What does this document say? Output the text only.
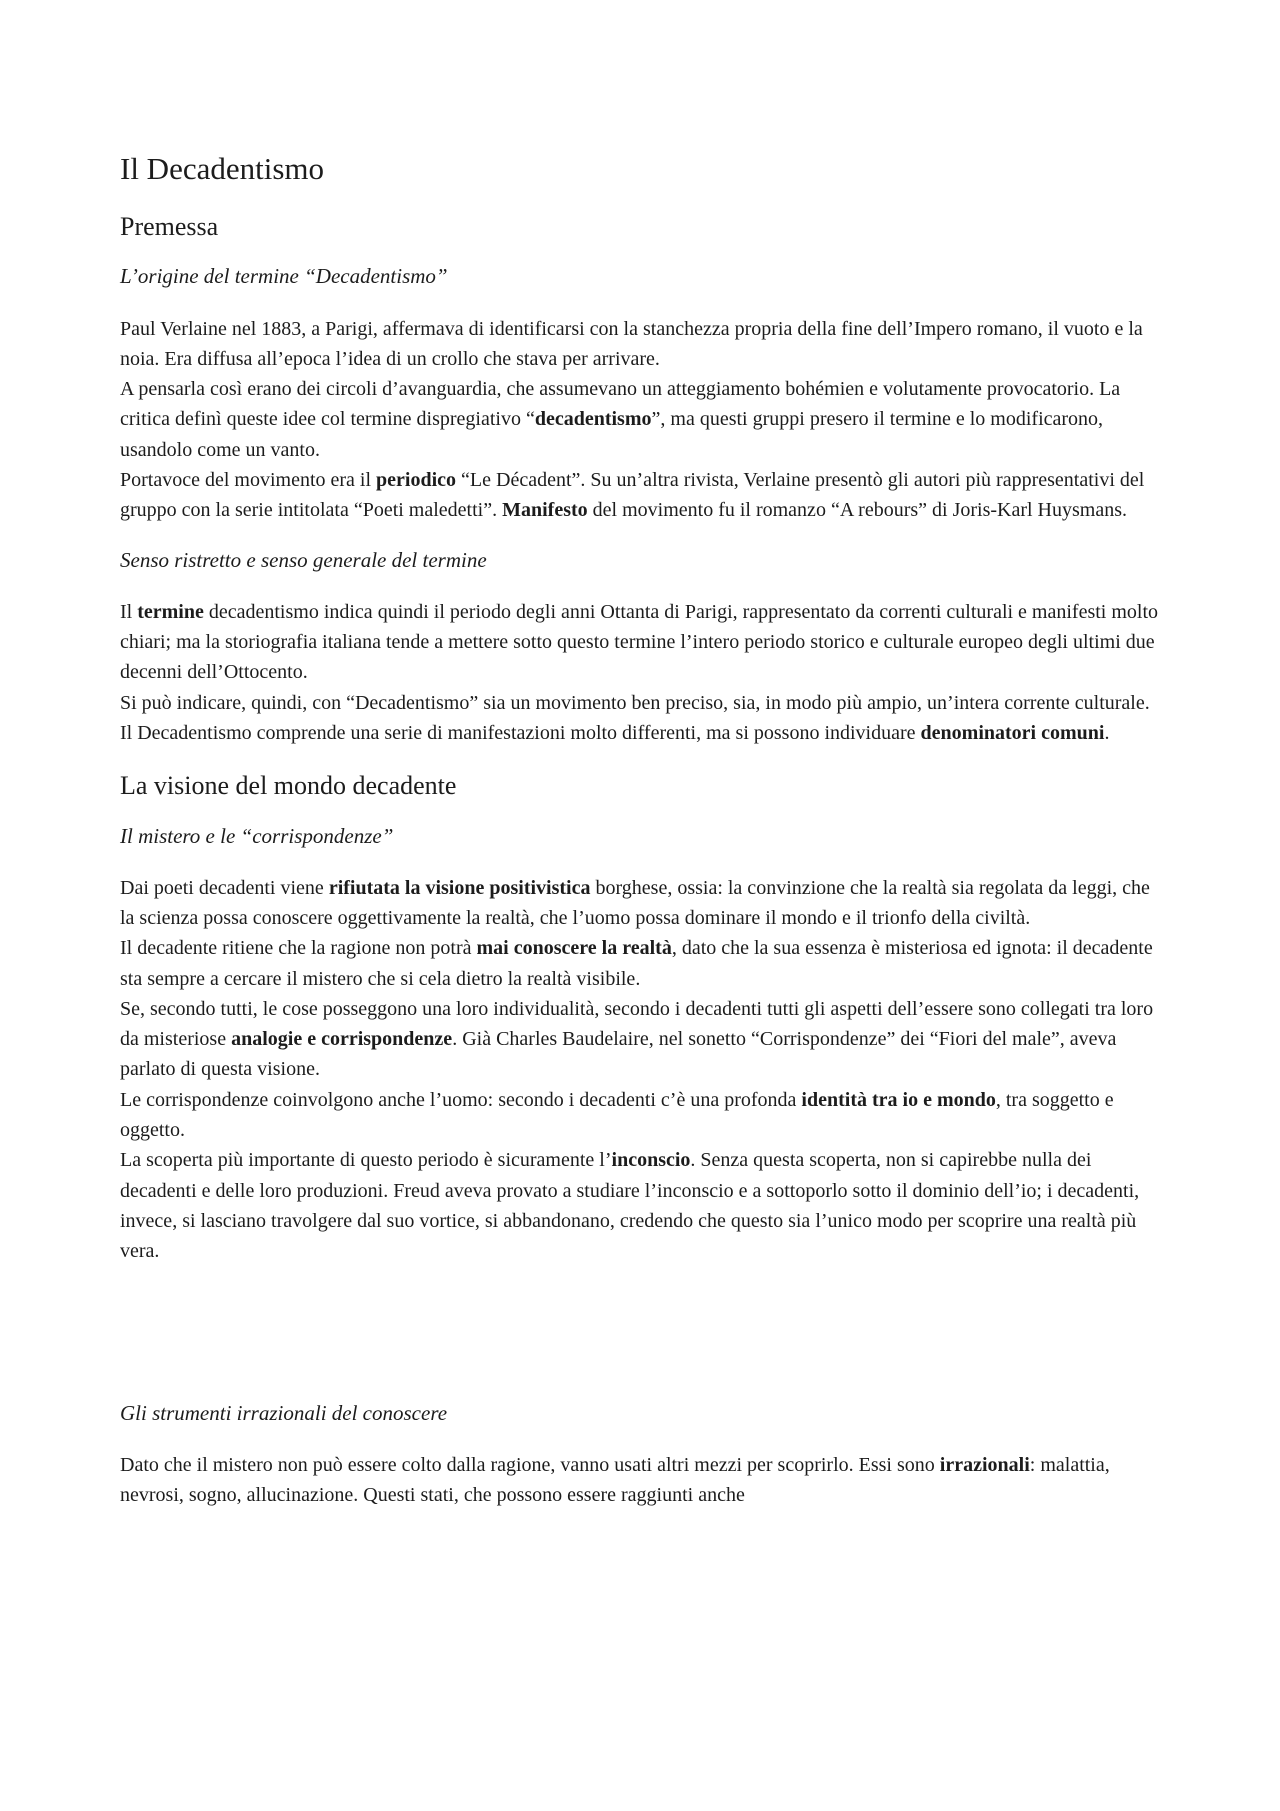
Il Decadentismo
Premessa
L’origine del termine “Decadentismo”

Paul Verlaine nel 1883, a Parigi, affermava di identificarsi con la stanchezza propria della fine dell’Impero romano, il vuoto e la noia. Era diffusa all’epoca l’idea di un crollo che stava per arrivare.

A pensarla così erano dei circoli d’avanguardia, che assumevano un atteggiamento bohémien e volutamente provocatorio. La critica definì queste idee col termine dispregiativo “decadentismo”, ma questi gruppi presero il termine e lo modificarono, usandolo come un vanto.

Portavoce del movimento era il periodico “Le Décadent”. Su un’altra rivista, Verlaine presentò gli autori più rappresentativi del gruppo con la serie intitolata “Poeti maledetti”. Manifesto del movimento fu il romanzo “A rebours” di Joris-Karl Huysmans.

Senso ristretto e senso generale del termine

Il termine decadentismo indica quindi il periodo degli anni Ottanta di Parigi, rappresentato da correnti culturali e manifesti molto chiari; ma la storiografia italiana tende a mettere sotto questo termine l’intero periodo storico e culturale europeo degli ultimi due decenni dell’Ottocento.

Si può indicare, quindi, con “Decadentismo” sia un movimento ben preciso, sia, in modo più ampio, un’intera corrente culturale.

Il Decadentismo comprende una serie di manifestazioni molto differenti, ma si possono individuare denominatori comuni.

La visione del mondo decadente
Il mistero e le “corrispondenze”

Dai poeti decadenti viene rifiutata la visione positivistica borghese, ossia: la convinzione che la realtà sia regolata da leggi, che la scienza possa conoscere oggettivamente la realtà, che l’uomo possa dominare il mondo e il trionfo della civiltà.

Il decadente ritiene che la ragione non potrà mai conoscere la realtà, dato che la sua essenza è misteriosa ed ignota: il decadente sta sempre a cercare il mistero che si cela dietro la realtà visibile.

Se, secondo tutti, le cose posseggono una loro individualità, secondo i decadenti tutti gli aspetti dell’essere sono collegati tra loro da misteriose analogie e corrispondenze. Già Charles Baudelaire, nel sonetto “Corrispondenze” dei “Fiori del male”, aveva parlato di questa visione.

Le corrispondenze coinvolgono anche l’uomo: secondo i decadenti c’è una profonda identità tra io e mondo, tra soggetto e oggetto.

La scoperta più importante di questo periodo è sicuramente l’inconscio. Senza questa scoperta, non si capirebbe nulla dei decadenti e delle loro produzioni. Freud aveva provato a studiare l’inconscio e a sottoporlo sotto il dominio dell’io; i decadenti, invece, si lasciano travolgere dal suo vortice, si abbandonano, credendo che questo sia l’unico modo per scoprire una realtà più vera.

Gli strumenti irrazionali del conoscere

Dato che il mistero non può essere colto dalla ragione, vanno usati altri mezzi per scoprirlo. Essi sono irrazionali: malattia, nevrosi, sogno, allucinazione. Questi stati, che possono essere raggiunti anche
